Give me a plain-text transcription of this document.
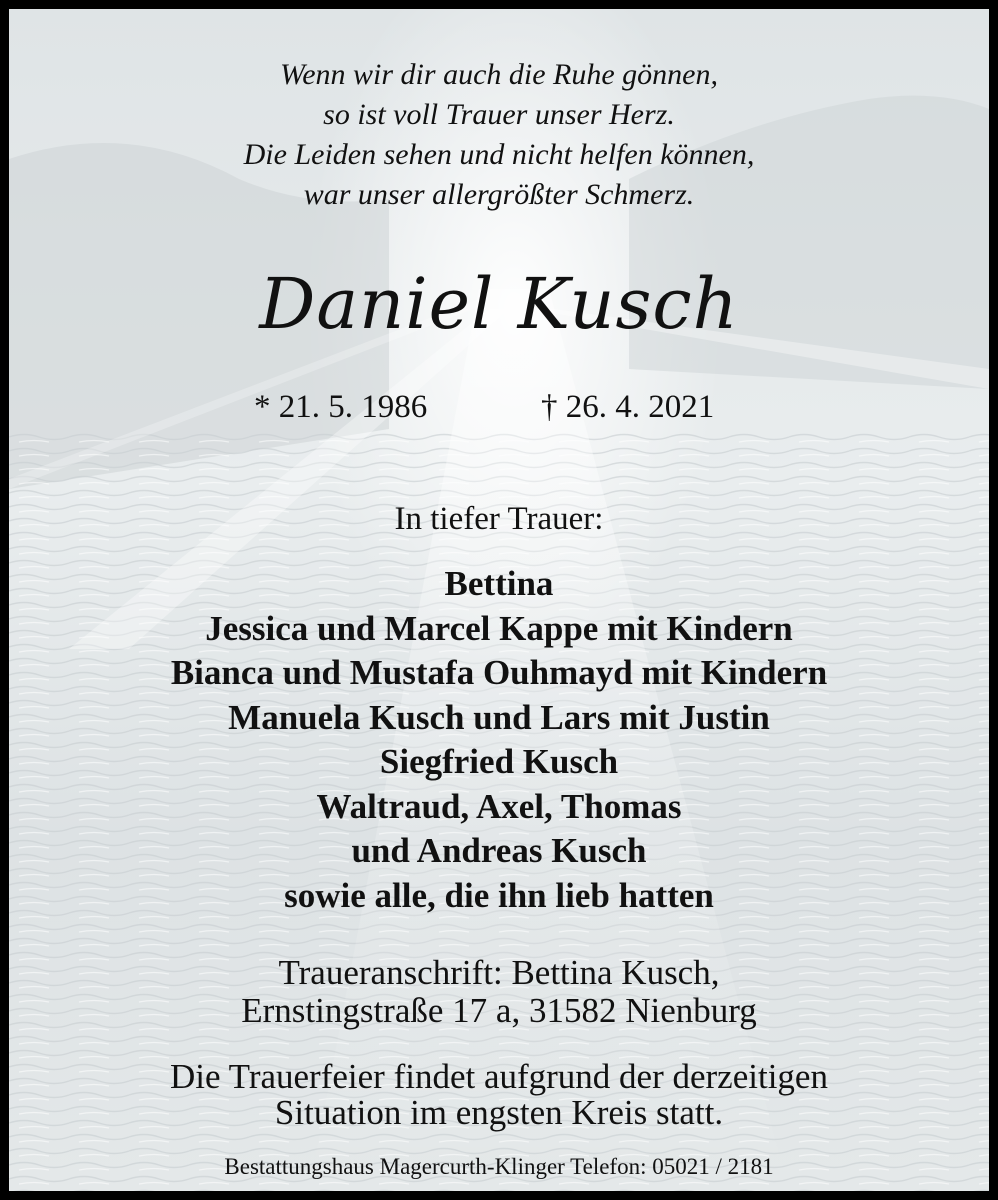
Wenn wir dir auch die Ruhe gönnen,
so ist voll Trauer unser Herz.
Die Leiden sehen und nicht helfen können,
war unser allergrößter Schmerz.
Daniel Kusch
* 21. 5. 1986	† 26. 4. 2021
In tiefer Trauer:
Bettina
Jessica und Marcel Kappe mit Kindern
Bianca und Mustafa Ouhmayd mit Kindern
Manuela Kusch und Lars mit Justin
Siegfried Kusch
Waltraud, Axel, Thomas
und Andreas Kusch
sowie alle, die ihn lieb hatten
Traueranschrift: Bettina Kusch,
Ernstingstraße 17 a, 31582 Nienburg
Die Trauerfeier findet aufgrund der derzeitigen
Situation im engsten Kreis statt.
Bestattungshaus Magercurth-Klinger Telefon: 05021 / 2181
